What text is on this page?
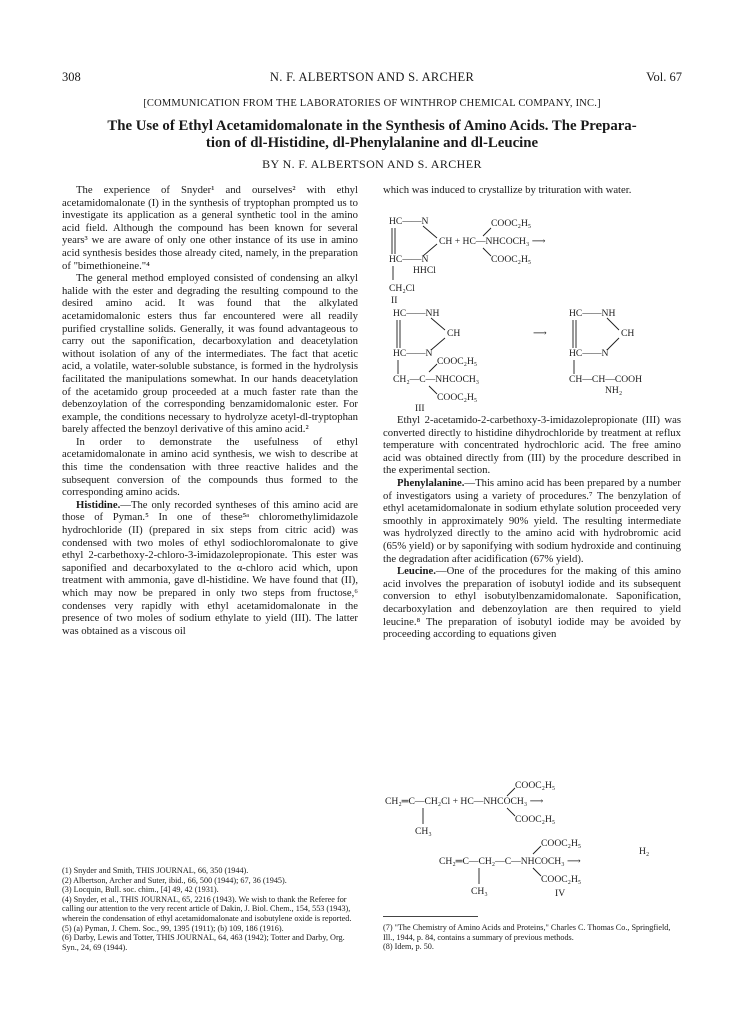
308	N. F. ALBERTSON AND S. ARCHER	Vol. 67
[COMMUNICATION FROM THE LABORATORIES OF WINTHROP CHEMICAL COMPANY, INC.]
The Use of Ethyl Acetamidomalonate in the Synthesis of Amino Acids. The Prepara-
tion of dl-Histidine, dl-Phenylalanine and dl-Leucine
BY N. F. ALBERTSON AND S. ARCHER

The experience of Snyder¹ and ourselves² with ethyl acetamidomalonate (I) in the synthesis of tryptophan prompted us to investigate its application as a general synthetic tool in the amino acid field. Although the compound has been known for several years³ we are aware of only one other instance of its use in amino acid synthesis besides those already cited, namely, in the preparation of "bimethioneine."⁴

The general method employed consisted of condensing an alkyl halide with the ester and degrading the resulting compound to the desired amino acid. It was found that the alkylated acetamidomalonic esters thus far encountered were all readily purified crystalline solids. Generally, it was found advantageous to carry out the saponification, decarboxylation and deacetylation without isolation of any of the intermediates. The fact that acetic acid, a volatile, water-soluble substance, is formed in the hydrolysis facilitated the manipulations somewhat. In our hands deacetylation of the acetamido group proceeded at a much faster rate than the debenzoylation of the corresponding benzamidomalonic ester. For example, the conditions necessary to hydrolyze acetyl-dl-tryptophan barely affected the benzoyl derivative of this amino acid.²

In order to demonstrate the usefulness of ethyl acetamidomalonate in amino acid synthesis, we wish to describe at this time the condensation with three reactive halides and the subsequent conversion of the compounds thus formed to the corresponding amino acids.

Histidine.—The only recorded syntheses of this amino acid are those of Pyman.⁵ In one of these⁵ᵃ chloromethylimidazole hydrochloride (II) (prepared in six steps from citric acid) was condensed with two moles of ethyl sodiochloromalonate to give ethyl 2-carbethoxy-2-chloro-3-imidazolepropionate. This ester was saponified and decarboxylated to the α-chloro acid which, upon treatment with ammonia, gave dl-histidine. We have found that (II), which may now be prepared in only two steps from fructose,⁶ condenses very rapidly with ethyl acetamidomalonate in the presence of two moles of sodium ethylate to yield (III). The latter was obtained as a viscous oil

(1) Snyder and Smith, THIS JOURNAL, 66, 350 (1944).
(2) Albertson, Archer and Suter, ibid., 66, 500 (1944); 67, 36 (1945).
(3) Locquin, Bull. soc. chim., [4] 49, 42 (1931).
(4) Snyder, et al., THIS JOURNAL, 65, 2216 (1943). We wish to thank the Referee for calling our attention to the very recent article of Dakin, J. Biol. Chem., 154, 553 (1943), wherein the condensation of ethyl acetamidomalonate and isobutylene oxide is reported.
(5) (a) Pyman, J. Chem. Soc., 99, 1395 (1911); (b) 109, 186 (1916).
(6) Darby, Lewis and Totter, THIS JOURNAL, 64, 463 (1942); Totter and Darby, Org. Syn., 24, 69 (1944).

which was induced to crystallize by trituration with water.

HC——N
CH + HC—NHCOCH₃ ⟶
HC——N
HHCl
CH₂Cl
II
COOC₂H₅
COOC₂H₅
HC——NH
CH
HC——N
COOC₂H₅
CH₂—C—NHCOCH₃
COOC₂H₅
III
⟶
HC——NH
CH
HC——N
CH—CH—COOH
NH₂

Ethyl 2-acetamido-2-carbethoxy-3-imidazolepropionate (III) was converted directly to histidine dihydrochloride by treatment at reflux temperature with concentrated hydrochloric acid. The free amino acid was obtained directly from (III) by the procedure described in the experimental section.

Phenylalanine.—This amino acid has been prepared by a number of investigators using a variety of procedures.⁷ The benzylation of ethyl acetamidomalonate in sodium ethylate solution proceeded very smoothly in approximately 90% yield. The resulting intermediate was hydrolyzed directly to the amino acid with hydrobromic acid (65% yield) or by saponifying with sodium hydroxide and continuing the degradation after acidification (67% yield).

Leucine.—One of the procedures for the making of this amino acid involves the preparation of isobutyl iodide and its subsequent conversion to ethyl isobutylbenzamidomalonate. Saponification, decarboxylation and debenzoylation are then required to yield leucine.⁸ The preparation of isobutyl iodide may be avoided by proceeding according to equations given

COOC₂H₅
CH₂═C—CH₂Cl + HC—NHCOCH₃ ⟶
COOC₂H₅
CH₃
COOC₂H₅
H₂
CH₂═C—CH₂—C—NHCOCH₃ ⟶
COOC₂H₅
CH₃	IV
(7) "The Chemistry of Amino Acids and Proteins," Charles C. Thomas Co., Springfield, Ill., 1944, p. 84, contains a summary of previous methods.
(8) Idem, p. 50.
